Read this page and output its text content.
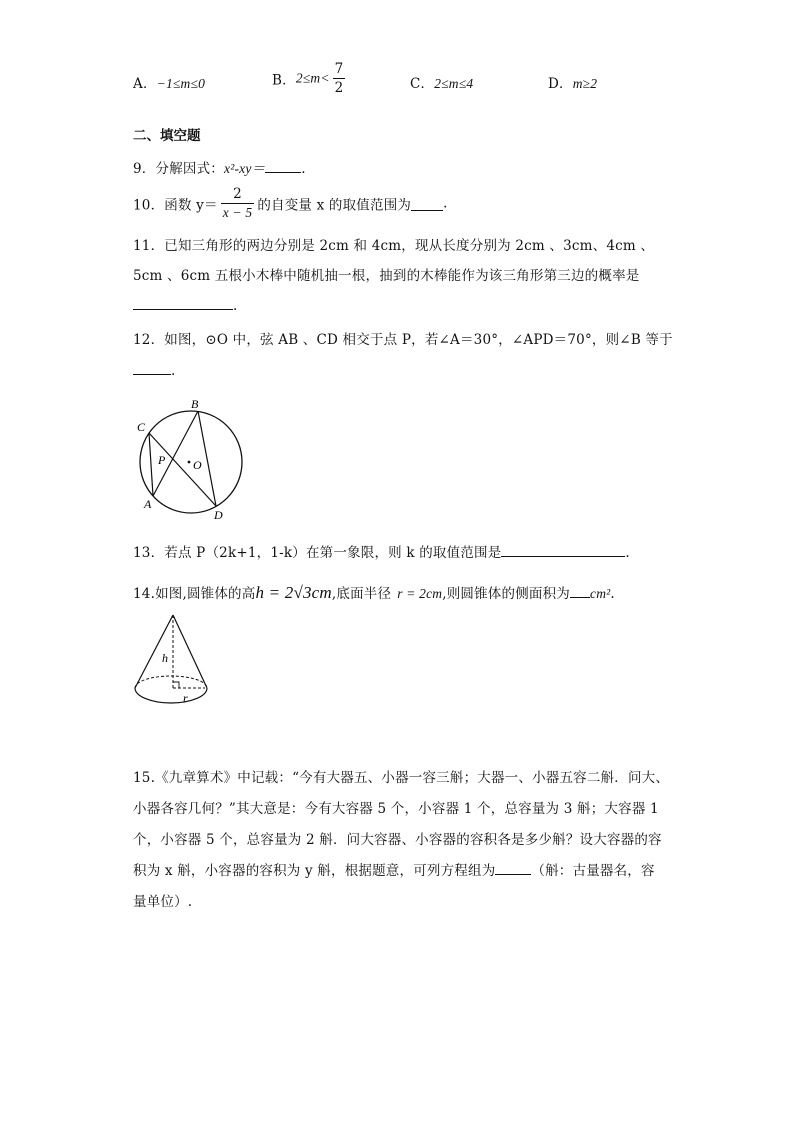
A．−1≤m≤0	B．$2\le m< \frac{7}{2}$	C．2≤m≤4	D．m≥2
二、填空题
9．分解因式：x²-xy＝	.
10．函数 $y= \frac{2}{x - 5}$ 的自变量 x 的取值范围为 .
11．已知三角形的两边分别是 2cm 和 4cm，现从长度分别为 2cm 、3cm、4cm 、
5cm 、6cm 五根小木棒中随机抽一根，抽到的木棒能作为该三角形第三边的概率是
.
12．如图，⊙O 中，弦 AB 、CD 相交于点 P，若∠A＝30°，∠APD＝70°，则∠B 等于
.
B
C
P O
A
D
13．若点 P（2k+1，1-k）在第一象限，则 k 的取值范围是	.
14.如图,圆锥体的高h = 2√3cm,底面半径 r = 2cm,则圆锥体的侧面积为 cm².
h
r
15.《九章算术》中记载：“今有大器五、小器一容三斛；大器一、小器五容二斛．问大、
小器各容几何？”其大意是：今有大容器 5 个，小容器 1 个，总容量为 3 斛；大容器 1
个，小容器 5 个，总容量为 2 斛．问大容器、小容器的容积各是多少斛？设大容器的容
积为 x 斛，小容器的容积为 y 斛，根据题意，可列方程组为	（斛：古量器名，容
量单位）.
